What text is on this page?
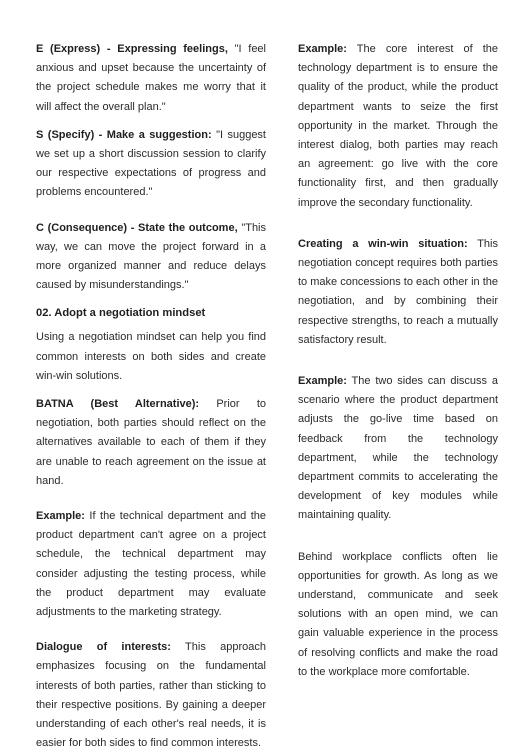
E (Express) - Expressing feelings, "I feel anxious and upset because the uncertainty of the project schedule makes me worry that it will affect the overall plan."

S (Specify) - Make a suggestion: "I suggest we set up a short discussion session to clarify our respective expectations of progress and problems encountered."

C (Consequence) - State the outcome, "This way, we can move the project forward in a more organized manner and reduce delays caused by misunderstandings."

02. Adopt a negotiation mindset

Using a negotiation mindset can help you find common interests on both sides and create win-win solutions.

BATNA (Best Alternative): Prior to negotiation, both parties should reflect on the alternatives available to each of them if they are unable to reach agreement on the issue at hand.

Example: If the technical department and the product department can't agree on a project schedule, the technical department may consider adjusting the testing process, while the product department may evaluate adjustments to the marketing strategy.

Dialogue of interests: This approach emphasizes focusing on the fundamental interests of both parties, rather than sticking to their respective positions. By gaining a deeper understanding of each other's real needs, it is easier for both sides to find common interests.

Example: The core interest of the technology department is to ensure the quality of the product, while the product department wants to seize the first opportunity in the market. Through the interest dialog, both parties may reach an agreement: go live with the core functionality first, and then gradually improve the secondary functionality.

Creating a win-win situation: This negotiation concept requires both parties to make concessions to each other in the negotiation, and by combining their respective strengths, to reach a mutually satisfactory result.

Example: The two sides can discuss a scenario where the product department adjusts the go-live time based on feedback from the technology department, while the technology department commits to accelerating the development of key modules while maintaining quality.

Behind workplace conflicts often lie opportunities for growth. As long as we understand, communicate and seek solutions with an open mind, we can gain valuable experience in the process of resolving conflicts and make the road to the workplace more comfortable.
